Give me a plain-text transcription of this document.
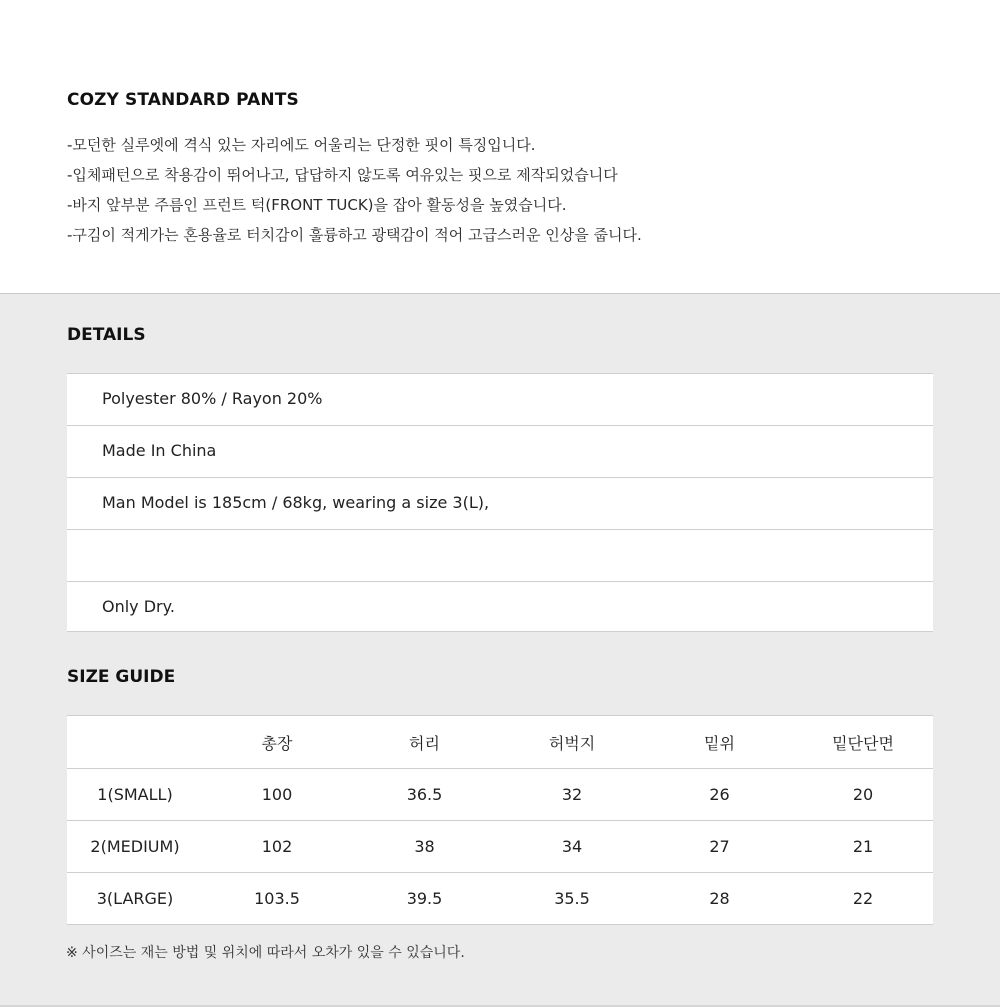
COZY STANDARD PANTS
-모던한 실루엣에 격식 있는 자리에도 어울리는 단정한 핏이 특징입니다.
-입체패턴으로 착용감이 뛰어나고, 답답하지 않도록 여유있는 핏으로 제작되었습니다
-바지 앞부분 주름인 프런트 턱(FRONT TUCK)을 잡아 활동성을 높였습니다.
-구김이 적게가는 혼용율로 터치감이 훌륭하고 광택감이 적어 고급스러운 인상을 줍니다.
DETAILS
Polyester 80% / Rayon 20%
Made In China
Man Model is 185cm / 68kg, wearing a size 3(L),
Only Dry.
SIZE GUIDE
	총장	허리	허벅지	밑위	밑단단면
1(SMALL)	100	36.5	32	26	20
2(MEDIUM)	102	38	34	27	21
3(LARGE)	103.5	39.5	35.5	28	22

※ 사이즈는 재는 방법 및 위치에 따라서 오차가 있을 수 있습니다.
